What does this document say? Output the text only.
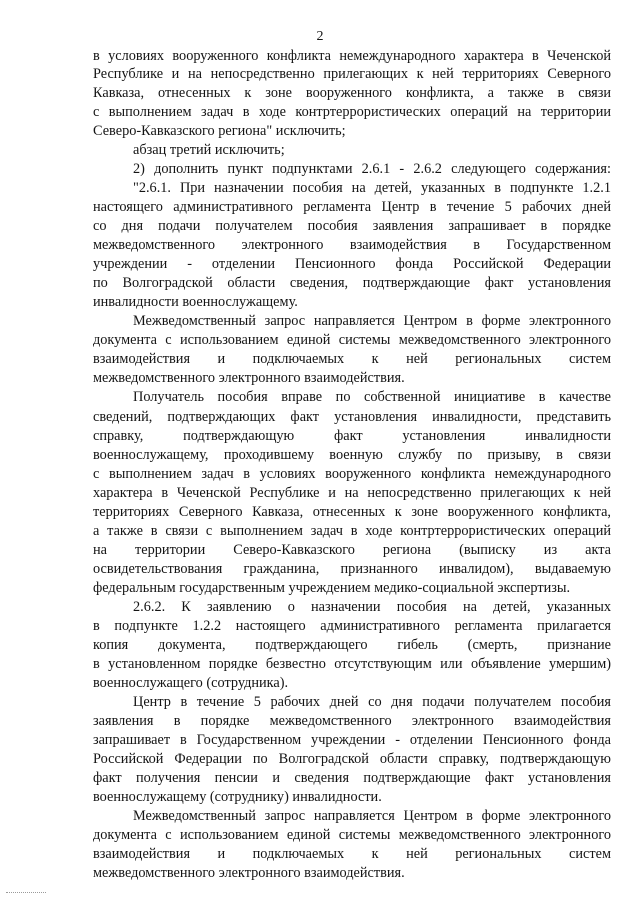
2
в условиях вооруженного конфликта немеждународного характера в Чеченской
Республике и на непосредственно прилегающих к ней территориях Северного
Кавказа, отнесенных к зоне вооруженного конфликта, а также в связи
с выполнением задач в ходе контртеррористических операций на территории
Северо-Кавказского региона" исключить;
абзац третий исключить;
2) дополнить пункт подпунктами 2.6.1 - 2.6.2 следующего содержания:
"2.6.1. При назначении пособия на детей, указанных в подпункте 1.2.1
настоящего административного регламента Центр в течение 5 рабочих дней
со дня подачи получателем пособия заявления запрашивает в порядке
межведомственного электронного взаимодействия в Государственном
учреждении - отделении Пенсионного фонда Российской Федерации
по Волгоградской области сведения, подтверждающие факт установления
инвалидности военнослужащему.
Межведомственный запрос направляется Центром в форме электронного
документа с использованием единой системы межведомственного электронного
взаимодействия и подключаемых к ней региональных систем
межведомственного электронного взаимодействия.
Получатель пособия вправе по собственной инициативе в качестве
сведений, подтверждающих факт установления инвалидности, представить
справку, подтверждающую факт установления инвалидности
военнослужащему, проходившему военную службу по призыву, в связи
с выполнением задач в условиях вооруженного конфликта немеждународного
характера в Чеченской Республике и на непосредственно прилегающих к ней
территориях Северного Кавказа, отнесенных к зоне вооруженного конфликта,
а также в связи с выполнением задач в ходе контртеррористических операций
на территории Северо-Кавказского региона (выписку из акта
освидетельствования гражданина, признанного инвалидом), выдаваемую
федеральным государственным учреждением медико-социальной экспертизы.
2.6.2. К заявлению о назначении пособия на детей, указанных
в подпункте 1.2.2 настоящего административного регламента прилагается
копия документа, подтверждающего гибель (смерть, признание
в установленном порядке безвестно отсутствующим или объявление умершим)
военнослужащего (сотрудника).
Центр в течение 5 рабочих дней со дня подачи получателем пособия
заявления в порядке межведомственного электронного взаимодействия
запрашивает в Государственном учреждении - отделении Пенсионного фонда
Российской Федерации по Волгоградской области справку, подтверждающую
факт получения пенсии и сведения подтверждающие факт установления
военнослужащему (сотруднику) инвалидности.
Межведомственный запрос направляется Центром в форме электронного
документа с использованием единой системы межведомственного электронного
взаимодействия и подключаемых к ней региональных систем
межведомственного электронного взаимодействия.
